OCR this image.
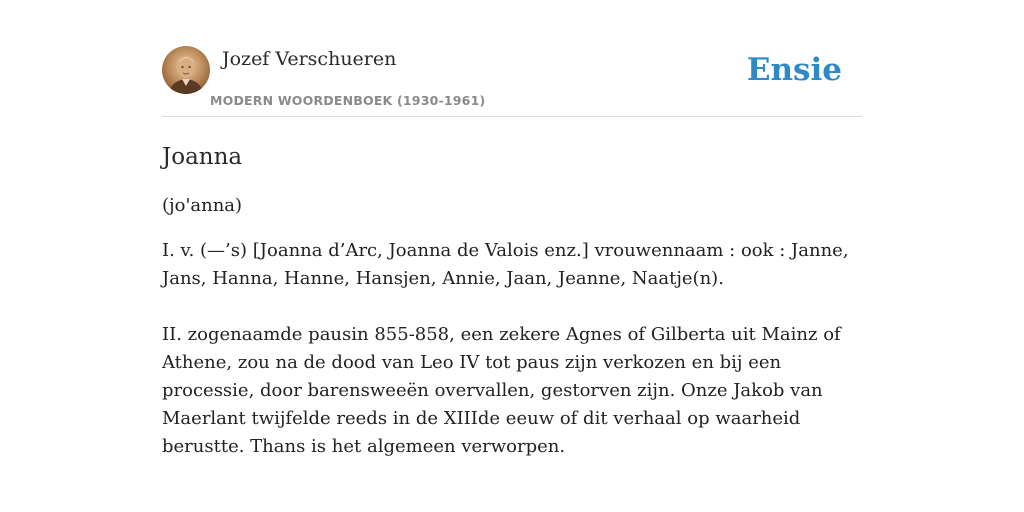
Jozef Verschueren
MODERN WOORDENBOEK (1930-1961)
Ensie
Joanna
(jo'anna)
I. v. (—’s) [Joanna d’Arc, Joanna de Valois enz.] vrouwennaam : ook : Janne, Jans, Hanna, Hanne, Hansjen, Annie, Jaan, Jeanne, Naatje(n).
II. zogenaamde pausin 855-858, een zekere Agnes of Gilberta uit Mainz of Athene, zou na de dood van Leo IV tot paus zijn verkozen en bij een processie, door barensweeën overvallen, gestorven zijn. Onze Jakob van Maerlant twijfelde reeds in de XIIIde eeuw of dit verhaal op waarheid berustte. Thans is het algemeen verworpen.
